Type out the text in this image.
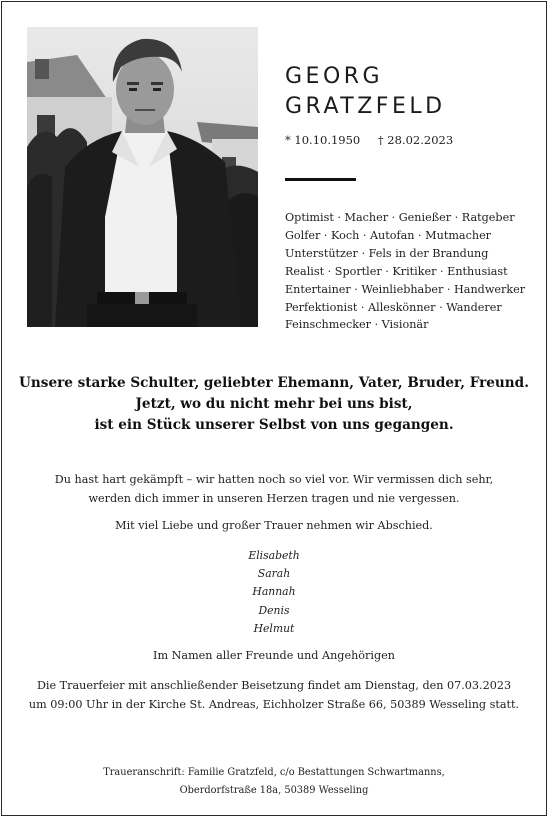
GEORG
GRATZFELD
* 10.10.1950 † 28.02.2023
Optimist · Macher · Genießer · Ratgeber
Golfer · Koch · Autofan · Mutmacher
Unterstützer · Fels in der Brandung
Realist · Sportler · Kritiker · Enthusiast
Entertainer · Weinliebhaber · Handwerker
Perfektionist · Alleskönner · Wanderer
Feinschmecker · Visionär
Unsere starke Schulter, geliebter Ehemann, Vater, Bruder, Freund.
Jetzt, wo du nicht mehr bei uns bist,
ist ein Stück unserer Selbst von uns gegangen.
Du hast hart gekämpft – wir hatten noch so viel vor. Wir vermissen dich sehr,
werden dich immer in unseren Herzen tragen und nie vergessen.
Mit viel Liebe und großer Trauer nehmen wir Abschied.
Elisabeth
Sarah
Hannah
Denis
Helmut
Im Namen aller Freunde und Angehörigen
Die Trauerfeier mit anschließender Beisetzung findet am Dienstag, den 07.03.2023
um 09:00 Uhr in der Kirche St. Andreas, Eichholzer Straße 66, 50389 Wesseling statt.
Traueranschrift: Familie Gratzfeld, c/o Bestattungen Schwartmanns,
Oberdorfstraße 18a, 50389 Wesseling
